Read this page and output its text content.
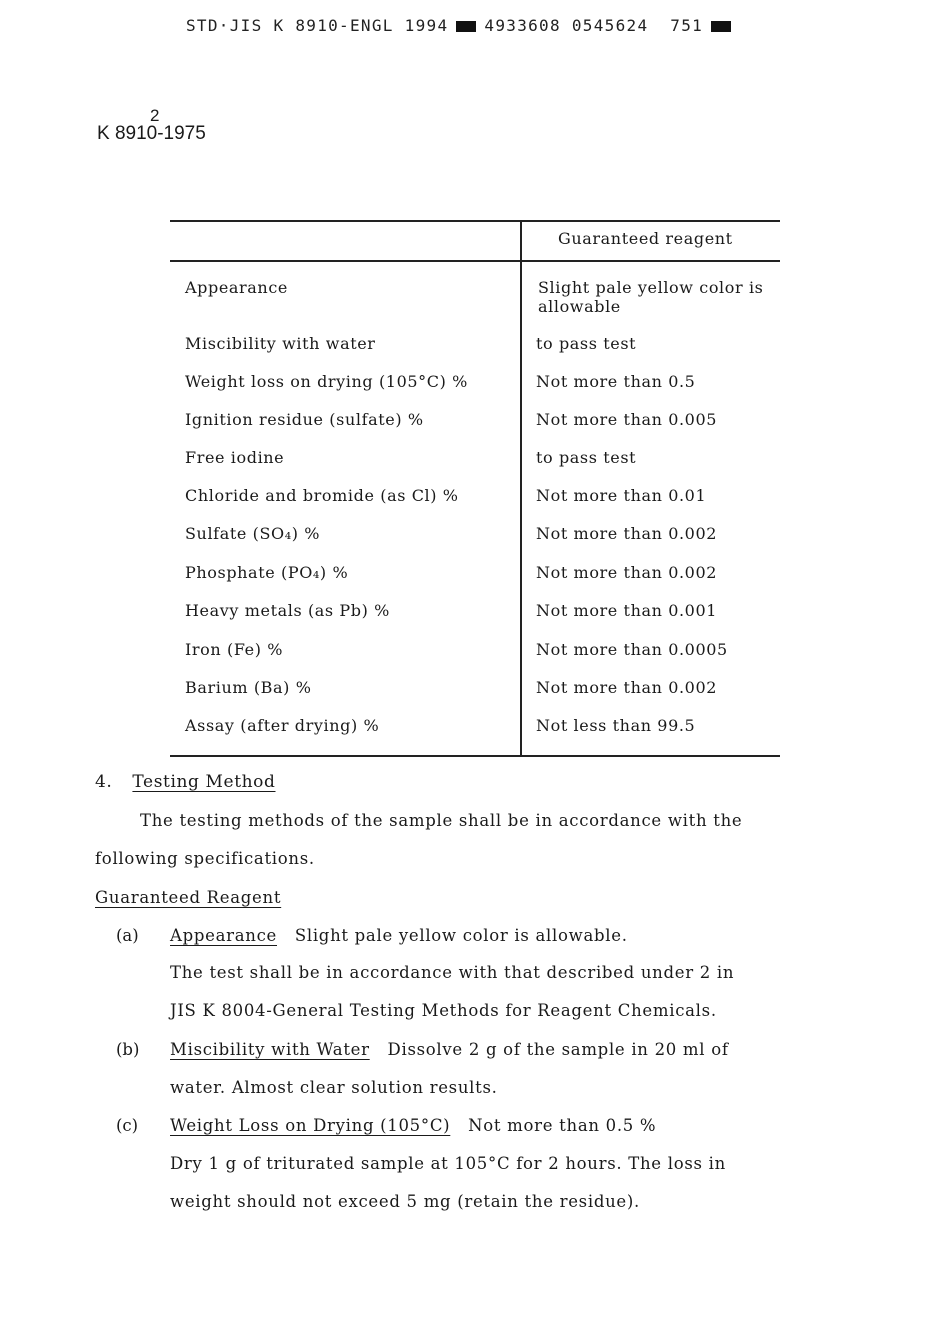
STD·JIS K 8910-ENGL 1994 4933608 0545624 751
2
K 8910-1975
Guaranteed reagent
Appearance	Slight pale yellow color is allowable
Miscibility with water	to pass test
Weight loss on drying (105°C) %	Not more than 0.5
Ignition residue (sulfate) %	Not more than 0.005
Free iodine	to pass test
Chloride and bromide (as Cl) %	Not more than 0.01
Sulfate (SO₄) %	Not more than 0.002
Phosphate (PO₄) %	Not more than 0.002
Heavy metals (as Pb) %	Not more than 0.001
Iron (Fe) %	Not more than 0.0005
Barium (Ba) %	Not more than 0.002
Assay (after drying) %	Not less than 99.5
4. Testing Method
The testing methods of the sample shall be in accordance with the
following specifications.
Guaranteed Reagent
(a) Appearance Slight pale yellow color is allowable.
The test shall be in accordance with that described under 2 in
JIS K 8004-General Testing Methods for Reagent Chemicals.
(b) Miscibility with Water Dissolve 2 g of the sample in 20 ml of
water. Almost clear solution results.
(c) Weight Loss on Drying (105°C) Not more than 0.5 %
Dry 1 g of triturated sample at 105°C for 2 hours. The loss in
weight should not exceed 5 mg (retain the residue).
